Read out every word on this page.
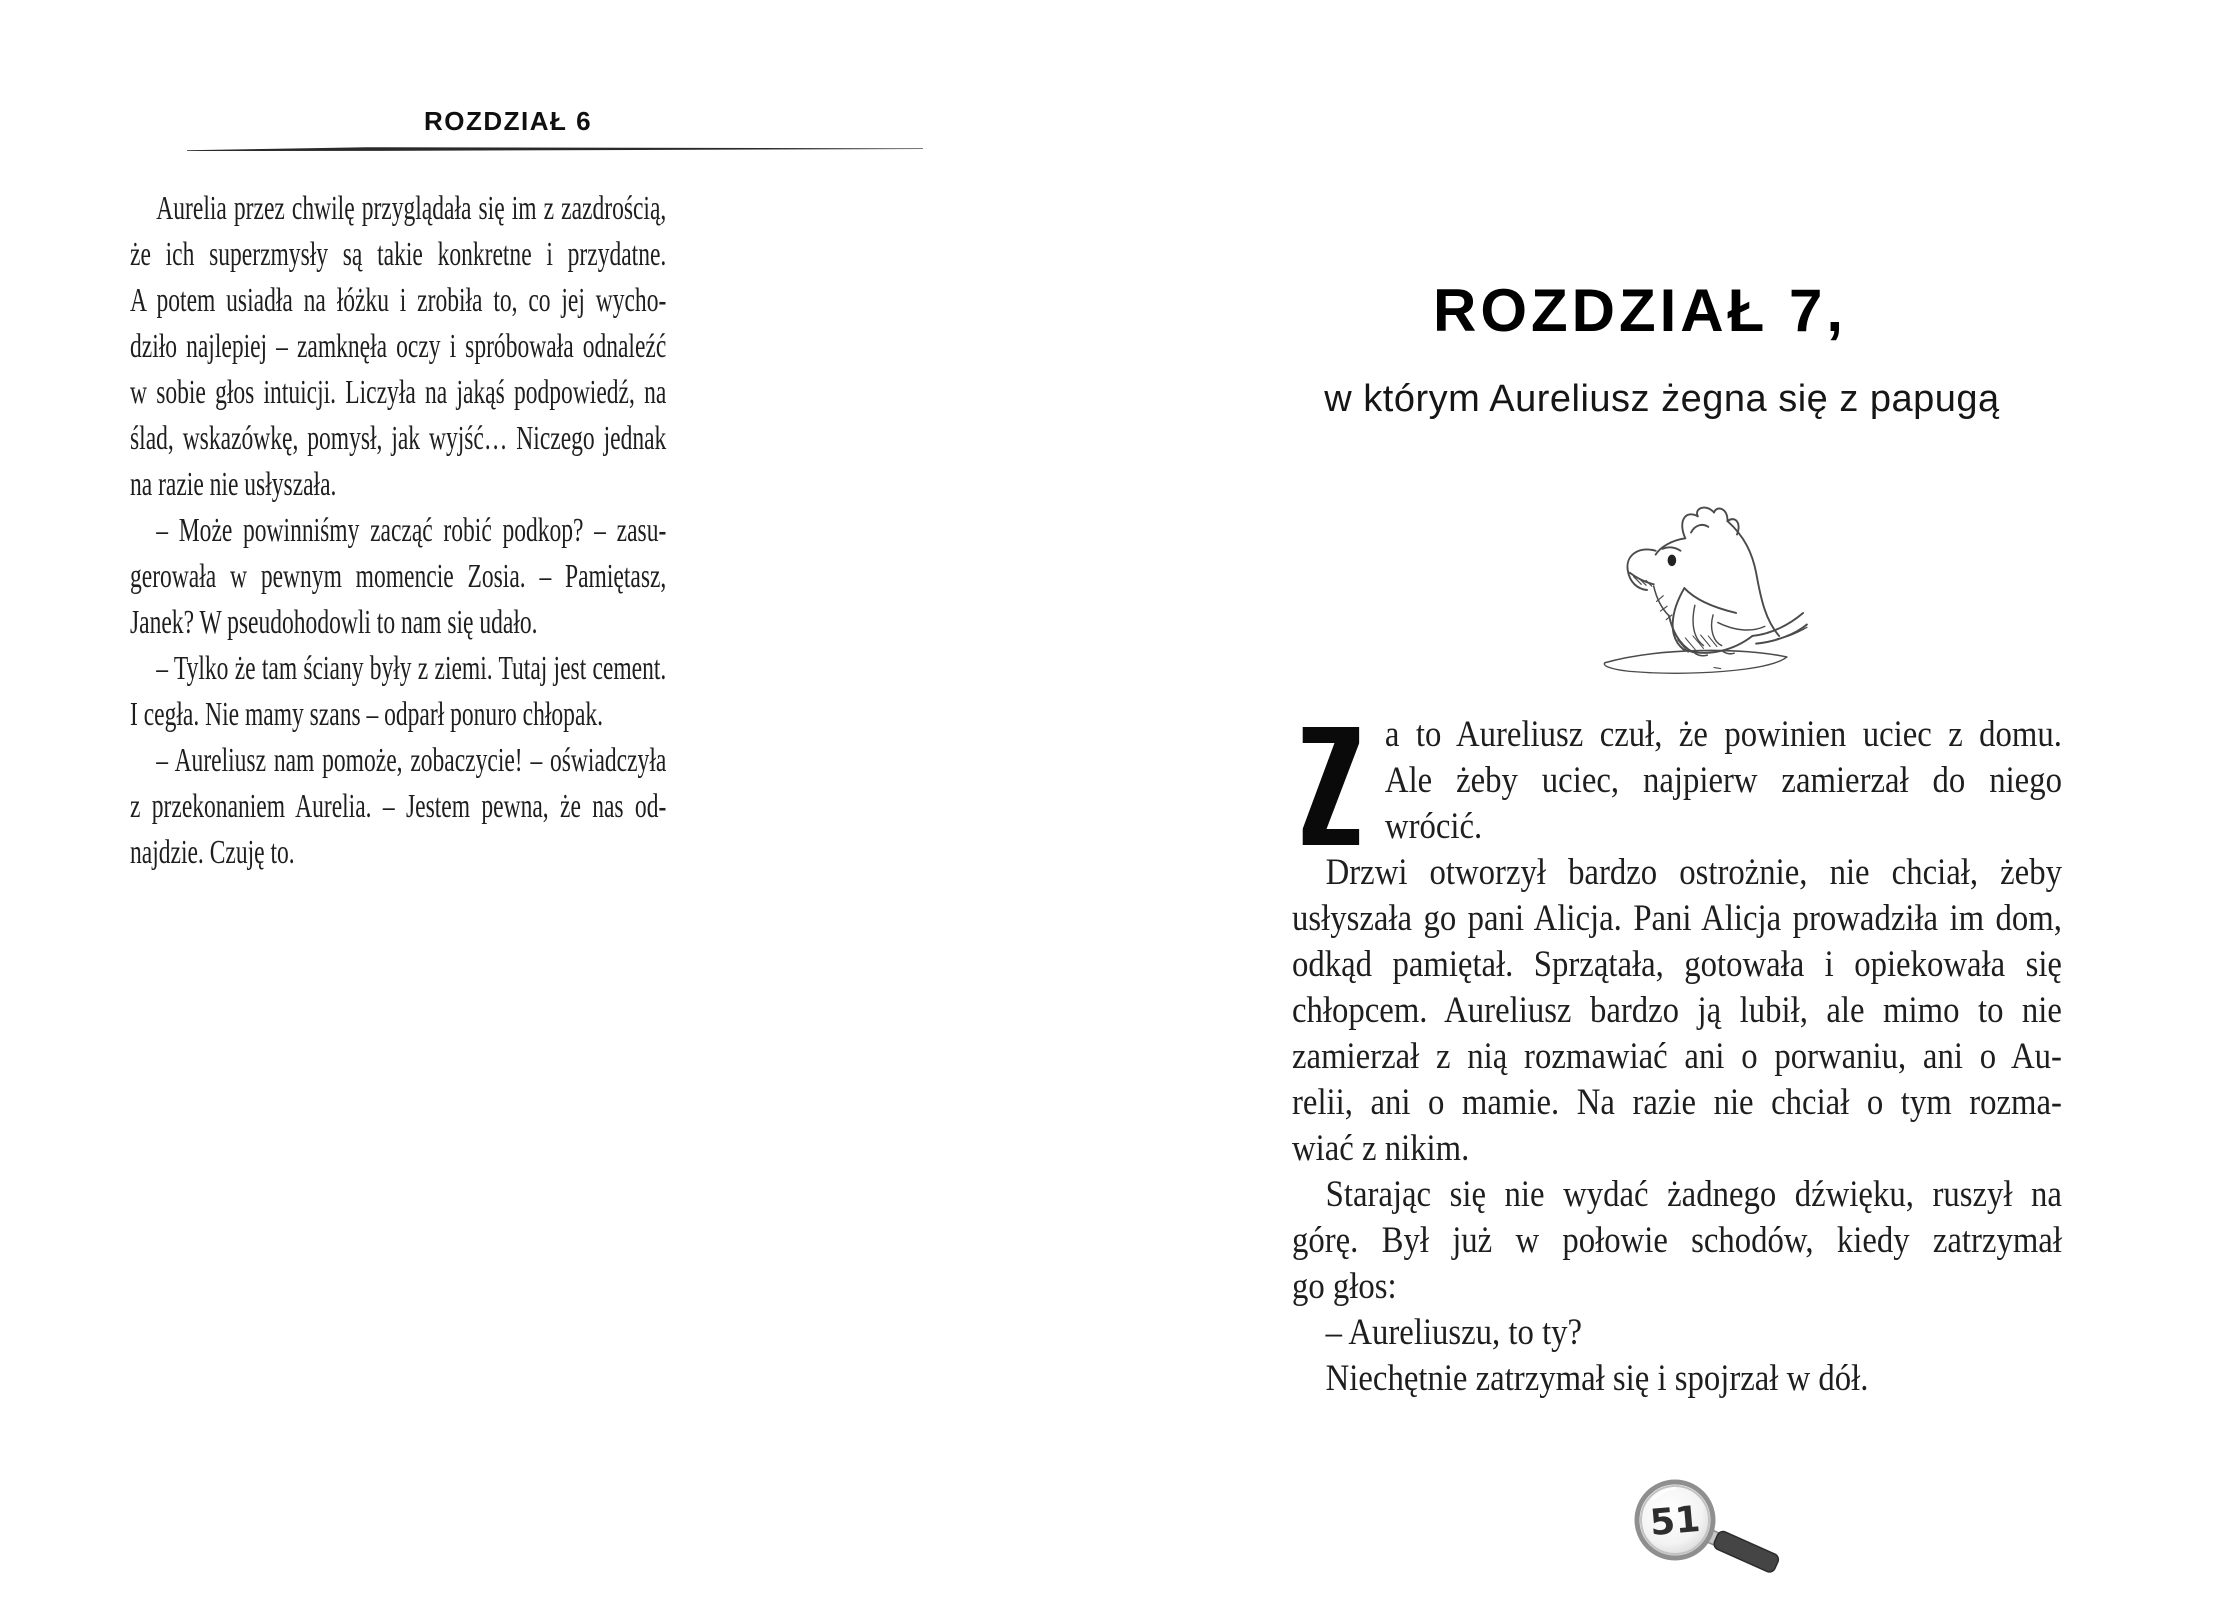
ROZDZIAŁ 6
Aurelia przez chwilę przyglądała się im z zazdrością,
że ich superzmysły są takie konkretne i przydatne.
A potem usiadła na łóżku i zrobiła to, co jej wycho-
dziło najlepiej – zamknęła oczy i spróbowała odnaleźć
w sobie głos intuicji. Liczyła na jakąś podpowiedź, na
ślad, wskazówkę, pomysł, jak wyjść… Niczego jednak
na razie nie usłyszała.
– Może powinniśmy zacząć robić podkop? – zasu-
gerowała w pewnym momencie Zosia. – Pamiętasz,
Janek? W pseudohodowli to nam się udało.
– Tylko że tam ściany były z ziemi. Tutaj jest cement.
I cegła. Nie mamy szans – odparł ponuro chłopak.
– Aureliusz nam pomoże, zobaczycie! – oświadczyła
z przekonaniem Aurelia. – Jestem pewna, że nas od-
najdzie. Czuję to.
ROZDZIAŁ 7,
w którym Aureliusz żegna się z papugą
a to Aureliusz czuł, że powinien uciec z domu.
Ale żeby uciec, najpierw zamierzał do niego
wrócić.
Drzwi otworzył bardzo ostrożnie, nie chciał, żeby
usłyszała go pani Alicja. Pani Alicja prowadziła im dom,
odkąd pamiętał. Sprzątała, gotowała i opiekowała się
chłopcem. Aureliusz bardzo ją lubił, ale mimo to nie
zamierzał z nią rozmawiać ani o porwaniu, ani o Au-
relii, ani o mamie. Na razie nie chciał o tym rozma-
wiać z nikim.
Starając się nie wydać żadnego dźwięku, ruszył na
górę. Był już w połowie schodów, kiedy zatrzymał
go głos:
– Aureliuszu, to ty?
Niechętnie zatrzymał się i spojrzał w dół.
51
